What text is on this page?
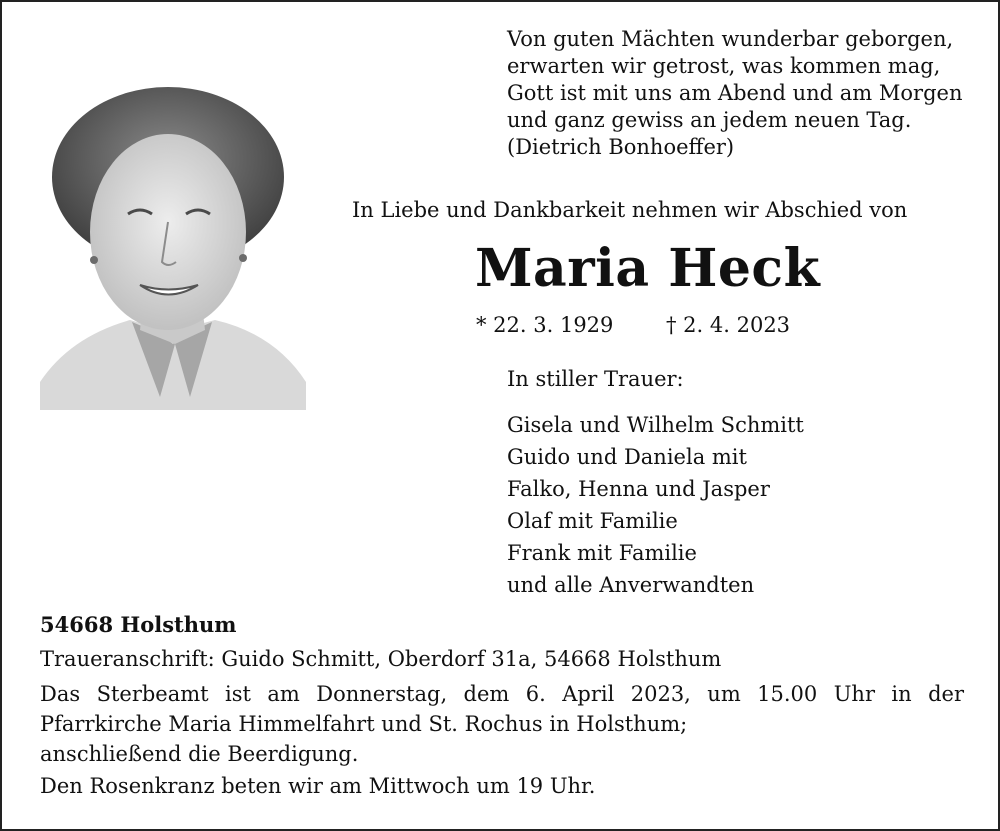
Von guten Mächten wunderbar geborgen,
erwarten wir getrost, was kommen mag,
Gott ist mit uns am Abend und am Morgen
und ganz gewiss an jedem neuen Tag.
(Dietrich Bonhoeffer)
In Liebe und Dankbarkeit nehmen wir Abschied von
Maria Heck
* 22. 3. 1929	† 2. 4. 2023
In stiller Trauer:
Gisela und Wilhelm Schmitt
Guido und Daniela mit
Falko, Henna und Jasper
Olaf mit Familie
Frank mit Familie
und alle Anverwandten
54668 Holsthum
Traueranschrift: Guido Schmitt, Oberdorf 31a, 54668 Holsthum
Das Sterbeamt ist am Donnerstag, dem 6. April 2023, um 15.00 Uhr in der
Pfarrkirche Maria Himmelfahrt und St. Rochus in Holsthum;
anschließend die Beerdigung.
Den Rosenkranz beten wir am Mittwoch um 19 Uhr.
